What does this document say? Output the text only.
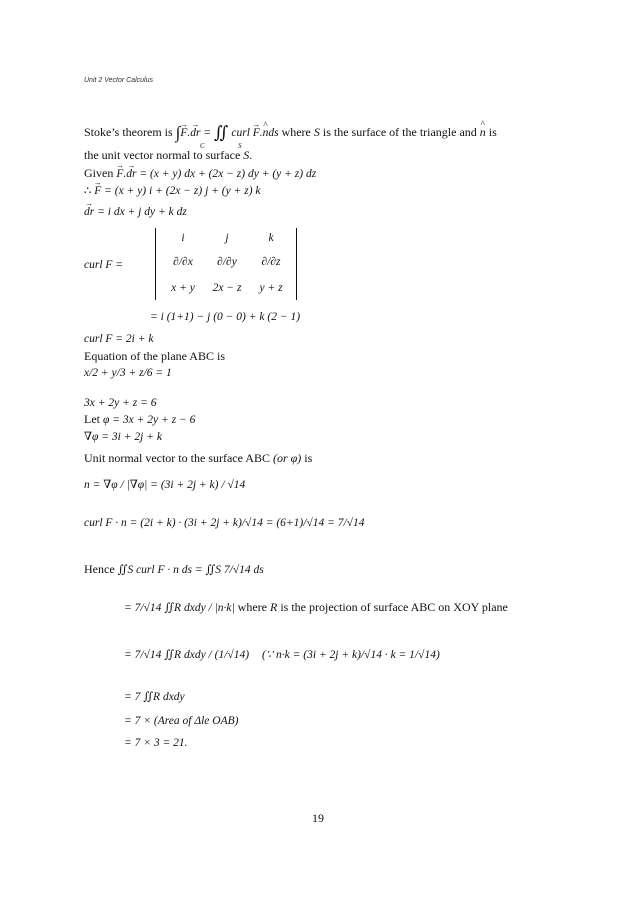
Unit 2 Vector Calculus
Stoke’s theorem is ∫→ F.→ dr = ∬ curl → F.^ nds where S is the surface of the triangle and ^ n is
C	S
the unit vector normal to surface S.
Given → F.→ dr = (x + y) dx + (2x − z) dy + (y + z) dz
∴ → F = (x + y) i + (2x − z) j + (y + z) k
→ dr = i dx + j dy + k dz
curl F =
i	j	k
∂/∂x	∂/∂y	∂/∂z
x + y	2x − z	y + z
= i (1+1) − j (0 − 0) + k (2 − 1)
curl F = 2i + k
Equation of the plane ABC is
x/2 + y/3 + z/6 = 1
3x + 2y + z = 6
Let φ = 3x + 2y + z − 6
∇φ = 3i + 2j + k
Unit normal vector to the surface ABC (or φ) is
n = ∇φ / |∇φ| = (3i + 2j + k) / √14
curl F · n = (2i + k) · (3i + 2j + k)/√14 = (6+1)/√14 = 7/√14
Hence ∬S curl F · n ds = ∬S 7/√14 ds
= 7/√14 ∬R dxdy / |n·k| where R is the projection of surface ABC on XOY plane
= 7/√14 ∬R dxdy / (1/√14) (∵ n·k = (3i + 2j + k)/√14 · k = 1/√14)
= 7 ∬R dxdy
= 7 × (Area of Δle OAB)
= 7 × 3 = 21.
19
